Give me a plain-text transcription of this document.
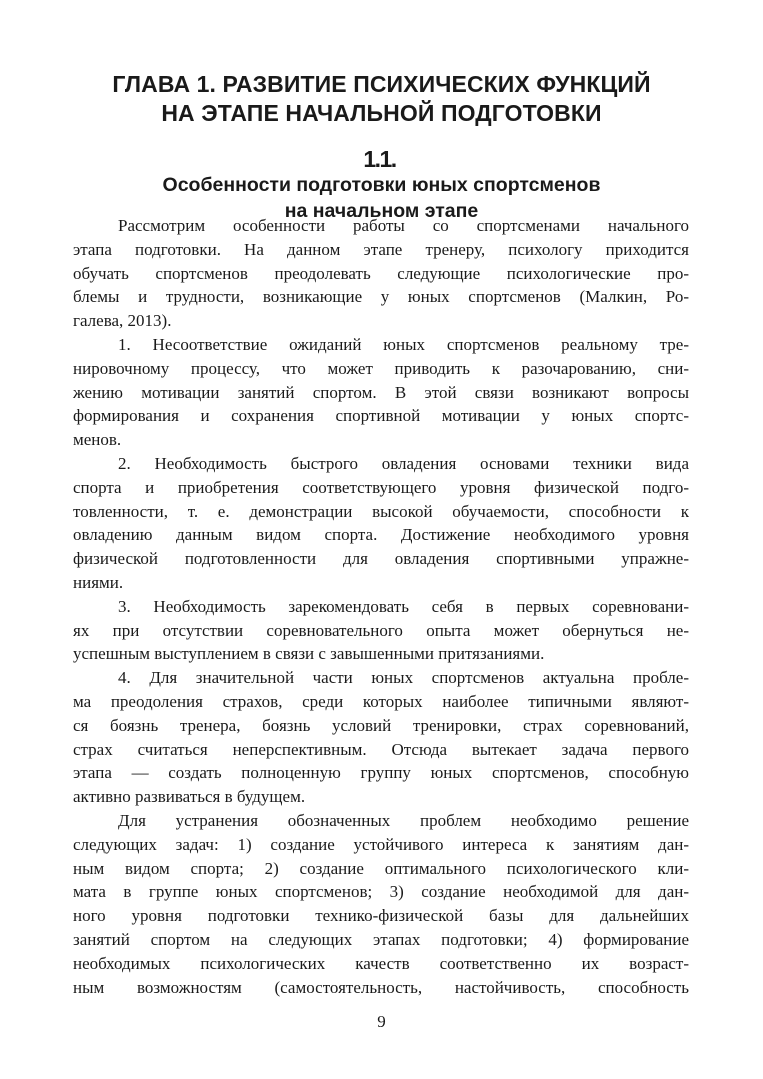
ГЛАВА 1. РАЗВИТИЕ ПСИХИЧЕСКИХ ФУНКЦИЙ
НА ЭТАПЕ НАЧАЛЬНОЙ ПОДГОТОВКИ
1.1.
Особенности подготовки юных спортсменов
на начальном этапе
Рассмотрим особенности работы со спортсменами начального
этапа подготовки. На данном этапе тренеру, психологу приходится
обучать спортсменов преодолевать следующие психологические про-
блемы и трудности, возникающие у юных спортсменов (Малкин, Ро-
галева, 2013).
1. Несоответствие ожиданий юных спортсменов реальному тре-
нировочному процессу, что может приводить к разочарованию, сни-
жению мотивации занятий спортом. В этой связи возникают вопросы
формирования и сохранения спортивной мотивации у юных спортс-
менов.
2. Необходимость быстрого овладения основами техники вида
спорта и приобретения соответствующего уровня физической подго-
товленности, т. е. демонстрации высокой обучаемости, способности к
овладению данным видом спорта. Достижение необходимого уровня
физической подготовленности для овладения спортивными упражне-
ниями.
3. Необходимость зарекомендовать себя в первых соревновани-
ях при отсутствии соревновательного опыта может обернуться не-
успешным выступлением в связи с завышенными притязаниями.
4. Для значительной части юных спортсменов актуальна пробле-
ма преодоления страхов, среди которых наиболее типичными являют-
ся боязнь тренера, боязнь условий тренировки, страх соревнований,
страх считаться неперспективным. Отсюда вытекает задача первого
этапа — создать полноценную группу юных спортсменов, способную
активно развиваться в будущем.
Для устранения обозначенных проблем необходимо решение
следующих задач: 1) создание устойчивого интереса к занятиям дан-
ным видом спорта; 2) создание оптимального психологического кли-
мата в группе юных спортсменов; 3) создание необходимой для дан-
ного уровня подготовки технико-физической базы для дальнейших
занятий спортом на следующих этапах подготовки; 4) формирование
необходимых психологических качеств соответственно их возраст-
ным возможностям (самостоятельность, настойчивость, способность
9
